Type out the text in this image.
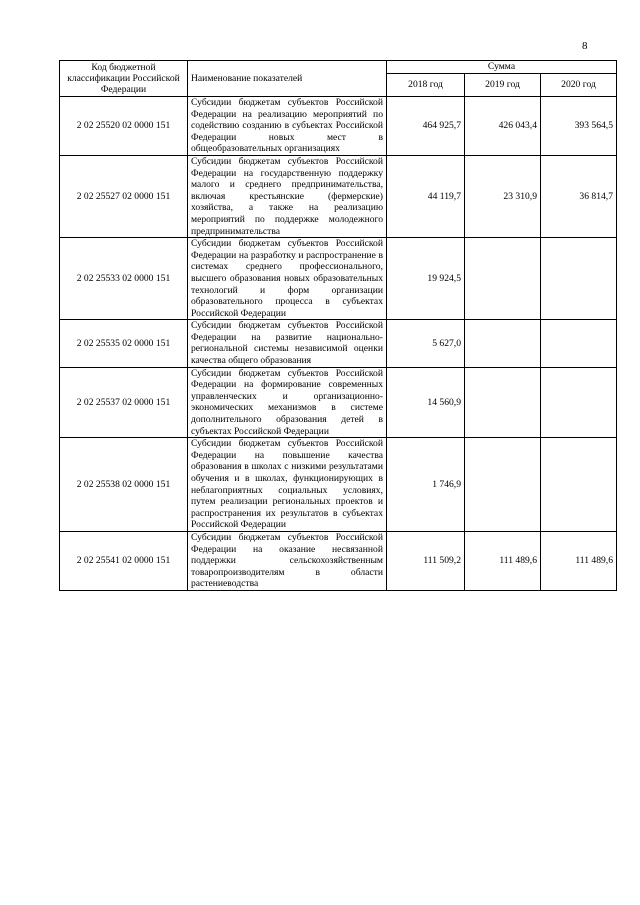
8
Код бюджетной классификации Российской Федерации	Наименование показателей	Сумма		
		2018 год	2019 год	2020 год
2 02 25520 02 0000 151	Субсидии бюджетам субъектов Российской Федерации на реализацию мероприятий по содействию созданию в субъектах Российской Федерации новых мест в общеобразовательных организациях	464 925,7	426 043,4	393 564,5
2 02 25527 02 0000 151	Субсидии бюджетам субъектов Российской Федерации на государственную поддержку малого и среднего предпринимательства, включая крестьянские (фермерские) хозяйства, а также на реализацию мероприятий по поддержке молодежного предпринимательства	44 119,7	23 310,9	36 814,7
2 02 25533 02 0000 151	Субсидии бюджетам субъектов Российской Федерации на разработку и распространение в системах среднего профессионального, высшего образования новых образовательных технологий и форм организации образовательного процесса в субъектах Российской Федерации	19 924,5		
2 02 25535 02 0000 151	Субсидии бюджетам субъектов Российской Федерации на развитие национально-региональной системы независимой оценки качества общего образования	5 627,0		
2 02 25537 02 0000 151	Субсидии бюджетам субъектов Российской Федерации на формирование современных управленческих и организационно-экономических механизмов в системе дополнительного образования детей в субъектах Российской Федерации	14 560,9		
2 02 25538 02 0000 151	Субсидии бюджетам субъектов Российской Федерации на повышение качества образования в школах с низкими результатами обучения и в школах, функционирующих в неблагоприятных социальных условиях, путем реализации региональных проектов и распространения их результатов в субъектах Российской Федерации	1 746,9		
2 02 25541 02 0000 151	Субсидии бюджетам субъектов Российской Федерации на оказание несвязанной поддержки сельскохозяйственным товаропроизводителям в области растениеводства	111 509,2	111 489,6	111 489,6
